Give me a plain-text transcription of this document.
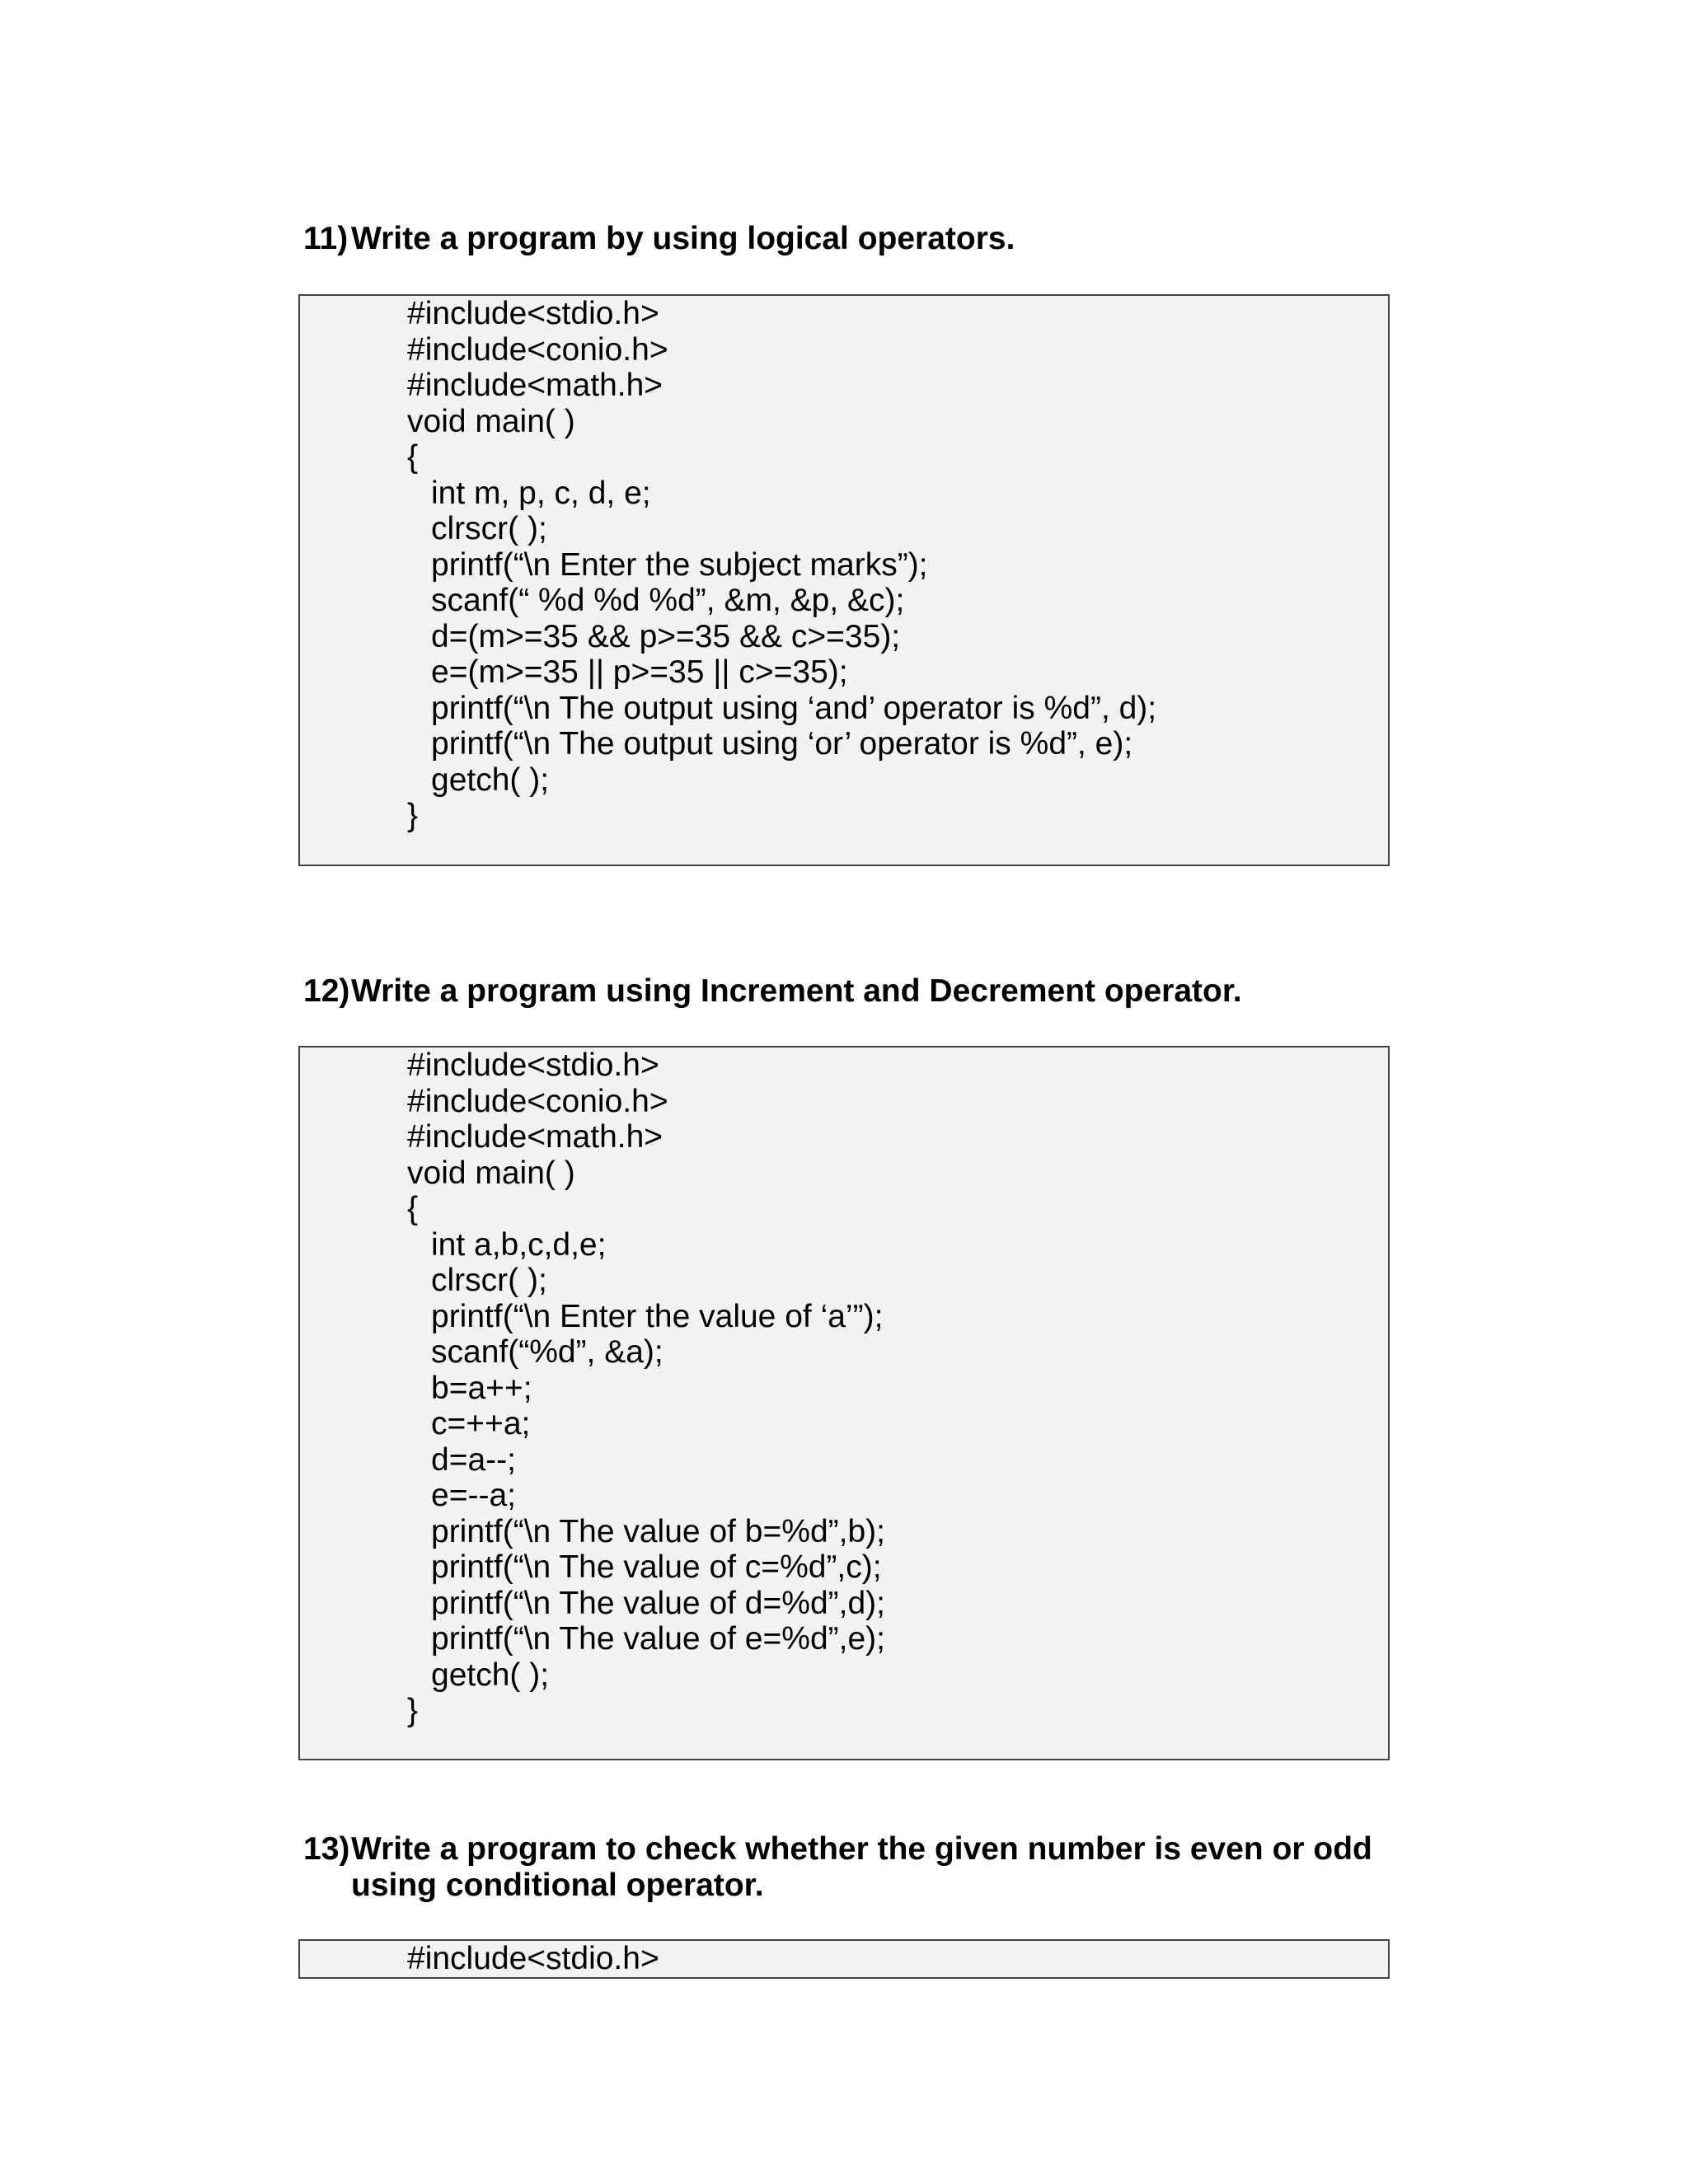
11) Write a program by using logical operators.
#include<stdio.h>
#include<conio.h>
#include<math.h>
void main( )
{
int m, p, c, d, e;
clrscr( );
printf(“\n Enter the subject marks”);
scanf(“ %d %d %d”, &m, &p, &c);
d=(m>=35 && p>=35 && c>=35);
e=(m>=35 || p>=35 || c>=35);
printf(“\n The output using ‘and’ operator is %d”, d);
printf(“\n The output using ‘or’ operator is %d”, e);
getch( );
}
12) Write a program using Increment and Decrement operator.
#include<stdio.h>
#include<conio.h>
#include<math.h>
void main( )
{
int a,b,c,d,e;
clrscr( );
printf(“\n Enter the value of ‘a’”);
scanf(“%d”, &a);
b=a++;
c=++a;
d=a--;
e=--a;
printf(“\n The value of b=%d”,b);
printf(“\n The value of c=%d”,c);
printf(“\n The value of d=%d”,d);
printf(“\n The value of e=%d”,e);
getch( );
}
13) Write a program to check whether the given number is even or odd using conditional operator.
#include<stdio.h>
